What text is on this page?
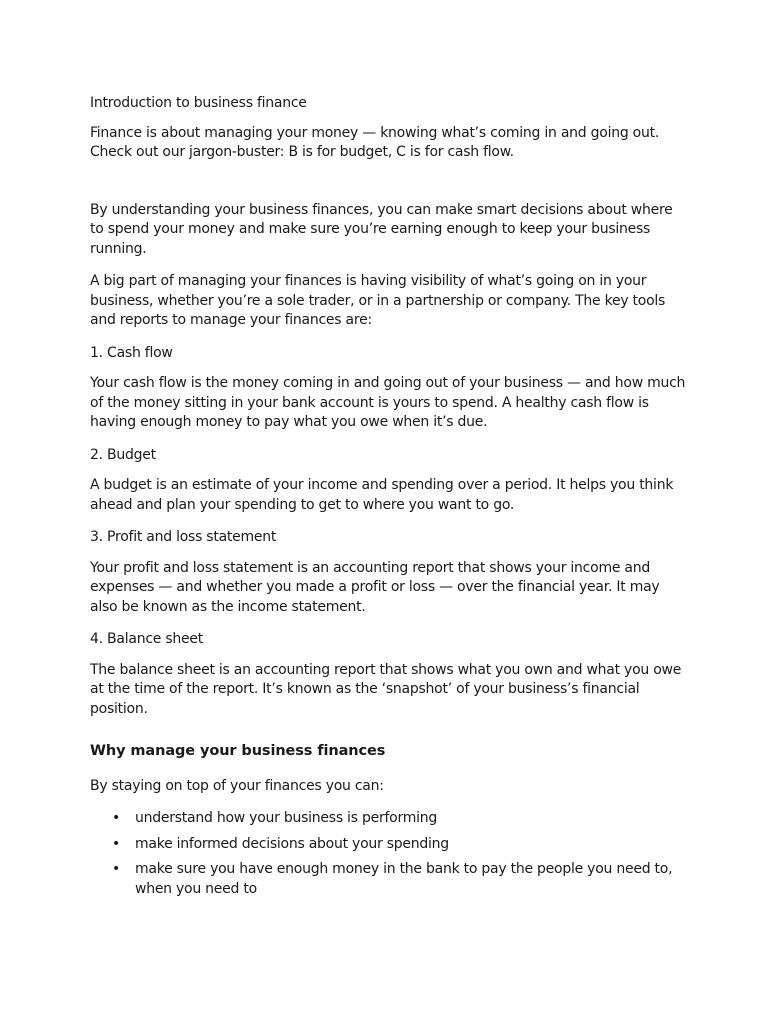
Introduction to business finance

Finance is about managing your money — knowing what’s coming in and going out. Check out our jargon-buster: B is for budget, C is for cash flow.

By understanding your business finances, you can make smart decisions about where to spend your money and make sure you’re earning enough to keep your business running.

A big part of managing your finances is having visibility of what’s going on in your business, whether you’re a sole trader, or in a partnership or company. The key tools and reports to manage your finances are:

1. Cash flow

Your cash flow is the money coming in and going out of your business — and how much of the money sitting in your bank account is yours to spend. A healthy cash flow is having enough money to pay what you owe when it’s due.

2. Budget

A budget is an estimate of your income and spending over a period. It helps you think ahead and plan your spending to get to where you want to go.

3. Profit and loss statement

Your profit and loss statement is an accounting report that shows your income and expenses — and whether you made a profit or loss — over the financial year. It may also be known as the income statement.

4. Balance sheet

The balance sheet is an accounting report that shows what you own and what you owe at the time of the report. It’s known as the ‘snapshot’ of your business’s financial position.

Why manage your business finances

By staying on top of your finances you can:

• understand how your business is performing
• make informed decisions about your spending
• make sure you have enough money in the bank to pay the people you need to, when you need to
